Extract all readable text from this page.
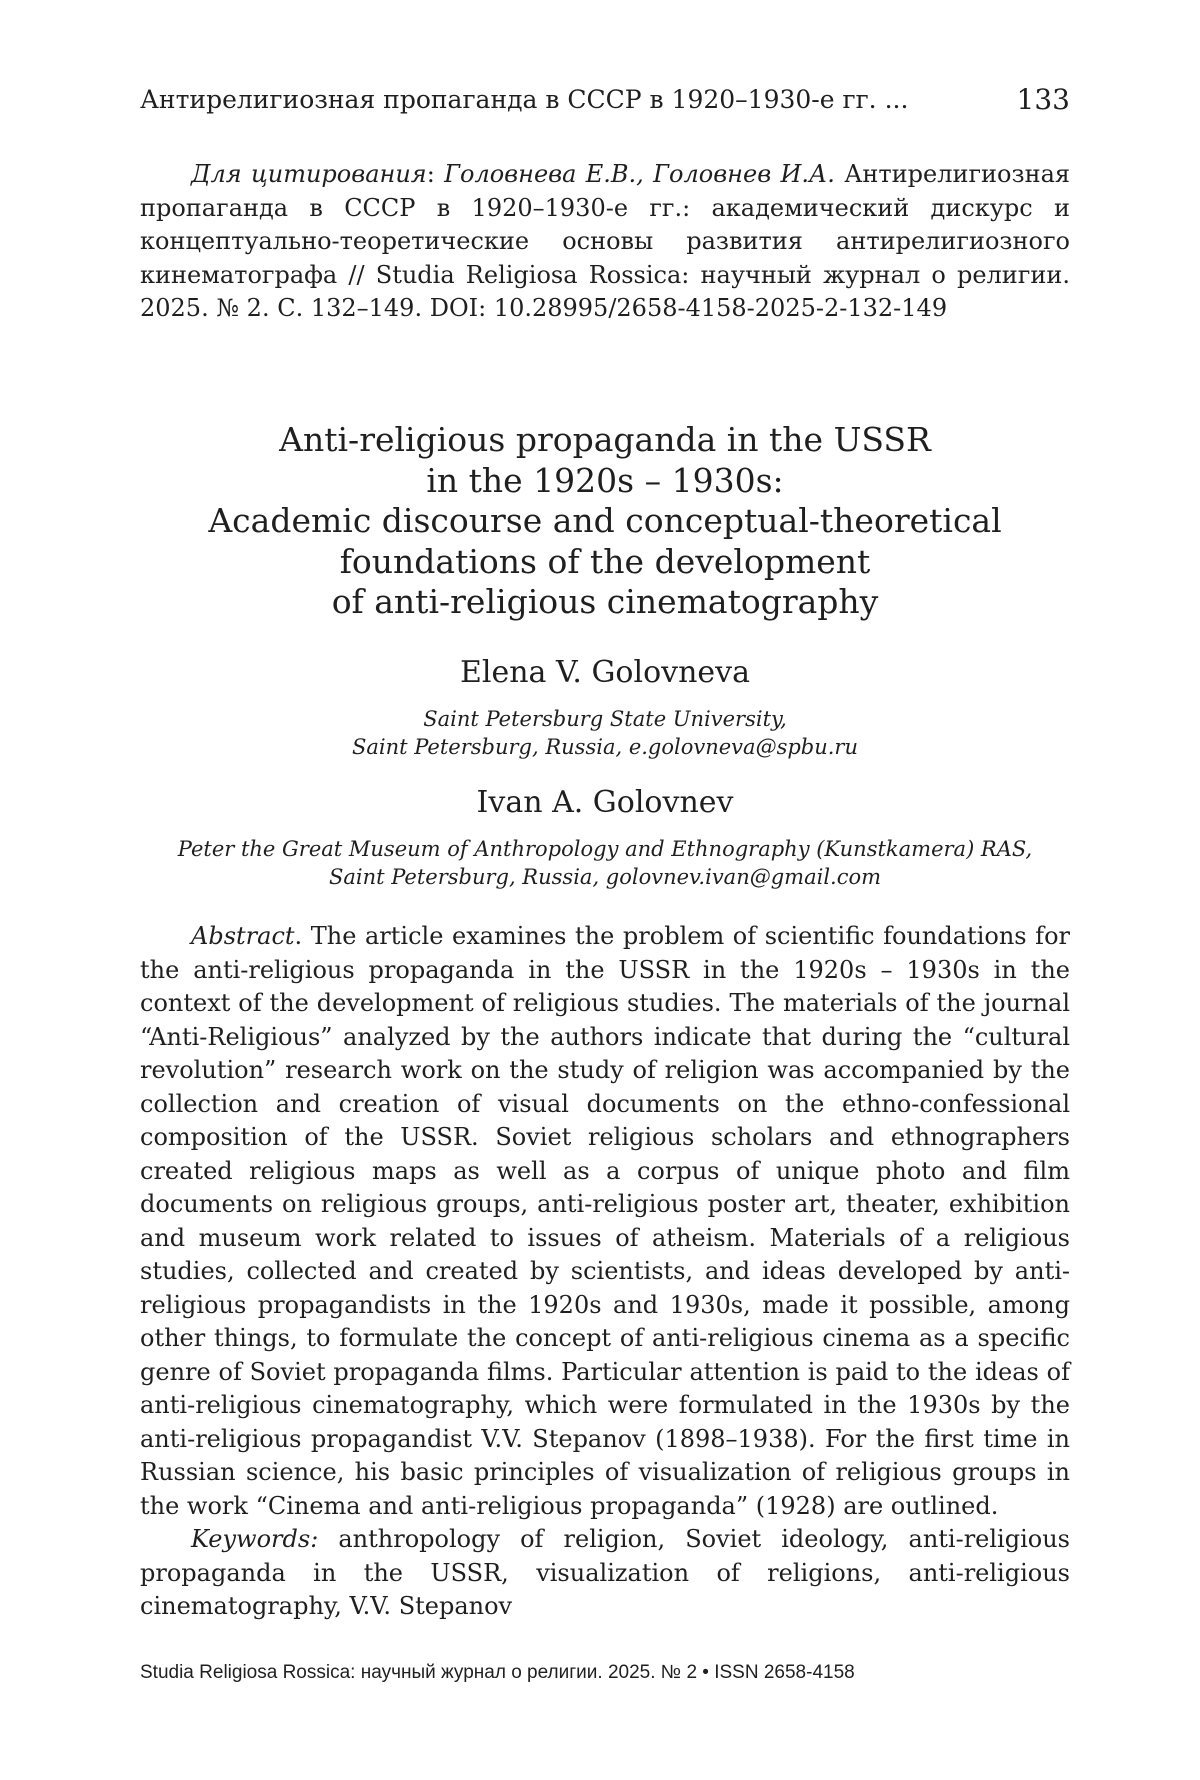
Антирелигиозная пропаганда в СССР в 1920–1930-е гг. ...	133
Для цитирования: Головнева Е.В., Головнев И.А. Антирелигиозная пропаганда в СССР в 1920–1930-е гг.: академический дискурс и концептуально-теоретические основы развития антирелигиозного кинематографа // Studia Religiosa Rossica: научный журнал о религии. 2025. № 2. С. 132–149. DOI: 10.28995/2658-4158-2025-2-132-149
Anti-religious propaganda in the USSR
in the 1920s – 1930s:
Academic discourse and conceptual-theoretical
foundations of the development
of anti-religious cinematography
Elena V. Golovneva
Saint Petersburg State University,
Saint Petersburg, Russia, e.golovneva@spbu.ru
Ivan A. Golovnev
Peter the Great Museum of Anthropology and Ethnography (Kunstkamera) RAS,
Saint Petersburg, Russia, golovnev.ivan@gmail.com

Abstract. The article examines the problem of scientific foundations for the anti-religious propaganda in the USSR in the 1920s – 1930s in the context of the development of religious studies. The materials of the journal “Anti-Religious” analyzed by the authors indicate that during the “cultural revolution” research work on the study of religion was accompanied by the collection and creation of visual documents on the ethno-confessional composition of the USSR. Soviet religious scholars and ethnographers created religious maps as well as a corpus of unique photo and film documents on religious groups, anti-religious poster art, theater, exhibition and museum work related to issues of atheism. Materials of a religious studies, collected and created by scientists, and ideas developed by anti-religious propagandists in the 1920s and 1930s, made it possible, among other things, to formulate the concept of anti-religious cinema as a specific genre of Soviet propaganda films. Particular attention is paid to the ideas of anti-religious cinematography, which were formulated in the 1930s by the anti-religious propagandist V.V. Stepanov (1898–1938). For the first time in Russian science, his basic principles of visualization of religious groups in the work “Cinema and anti-religious propaganda” (1928) are outlined.

Keywords: anthropology of religion, Soviet ideology, anti-religious propaganda in the USSR, visualization of religions, anti-religious cinematography, V.V. Stepanov

Studia Religiosa Rossica: научный журнал о религии. 2025. № 2 • ISSN 2658-4158
